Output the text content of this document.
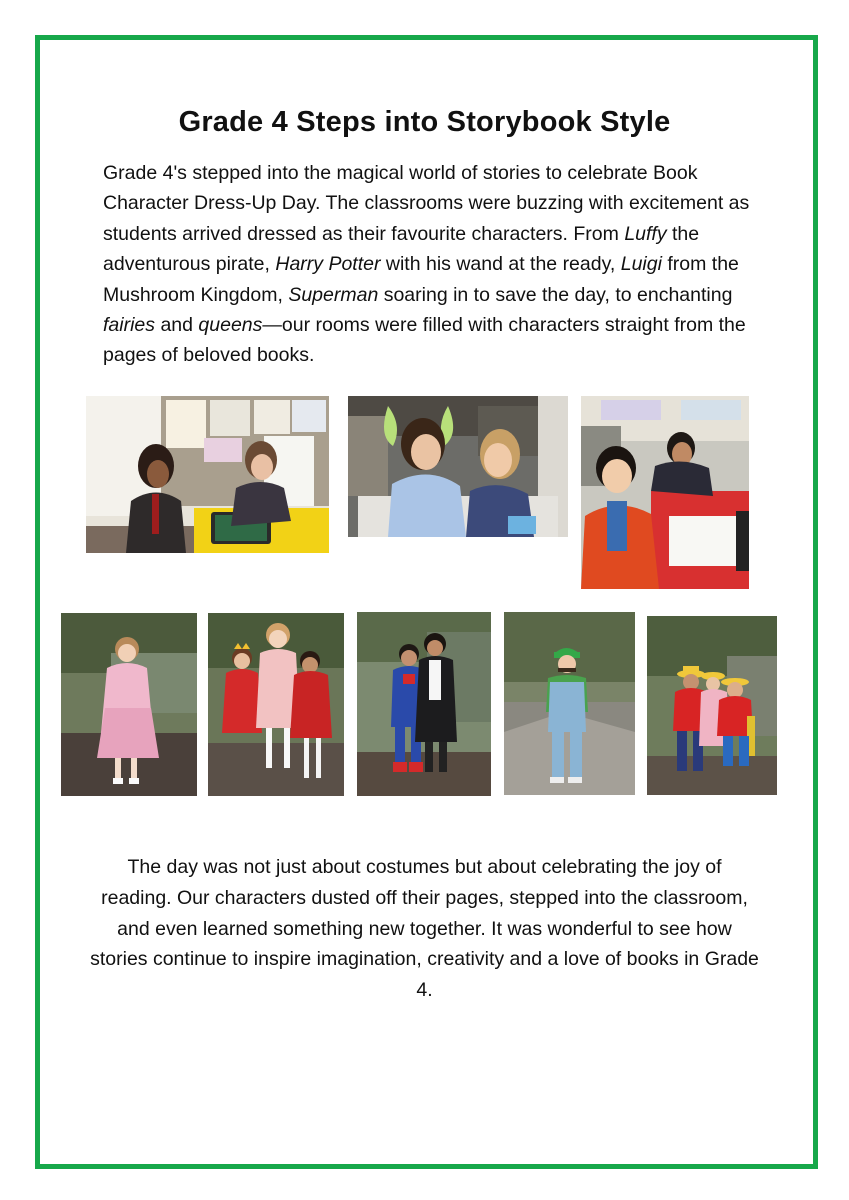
Grade 4 Steps into Storybook Style

Grade 4's stepped into the magical world of stories to celebrate Book Character Dress-Up Day. The classrooms were buzzing with excitement as students arrived dressed as their favourite characters. From Luffy the adventurous pirate, Harry Potter with his wand at the ready, Luigi from the Mushroom Kingdom, Superman soaring in to save the day, to enchanting fairies and queens—our rooms were filled with characters straight from the pages of beloved books.

The day was not just about costumes but about celebrating the joy of reading. Our characters dusted off their pages, stepped into the classroom, and even learned something new together. It was wonderful to see how stories continue to inspire imagination, creativity and a love of books in Grade 4.
